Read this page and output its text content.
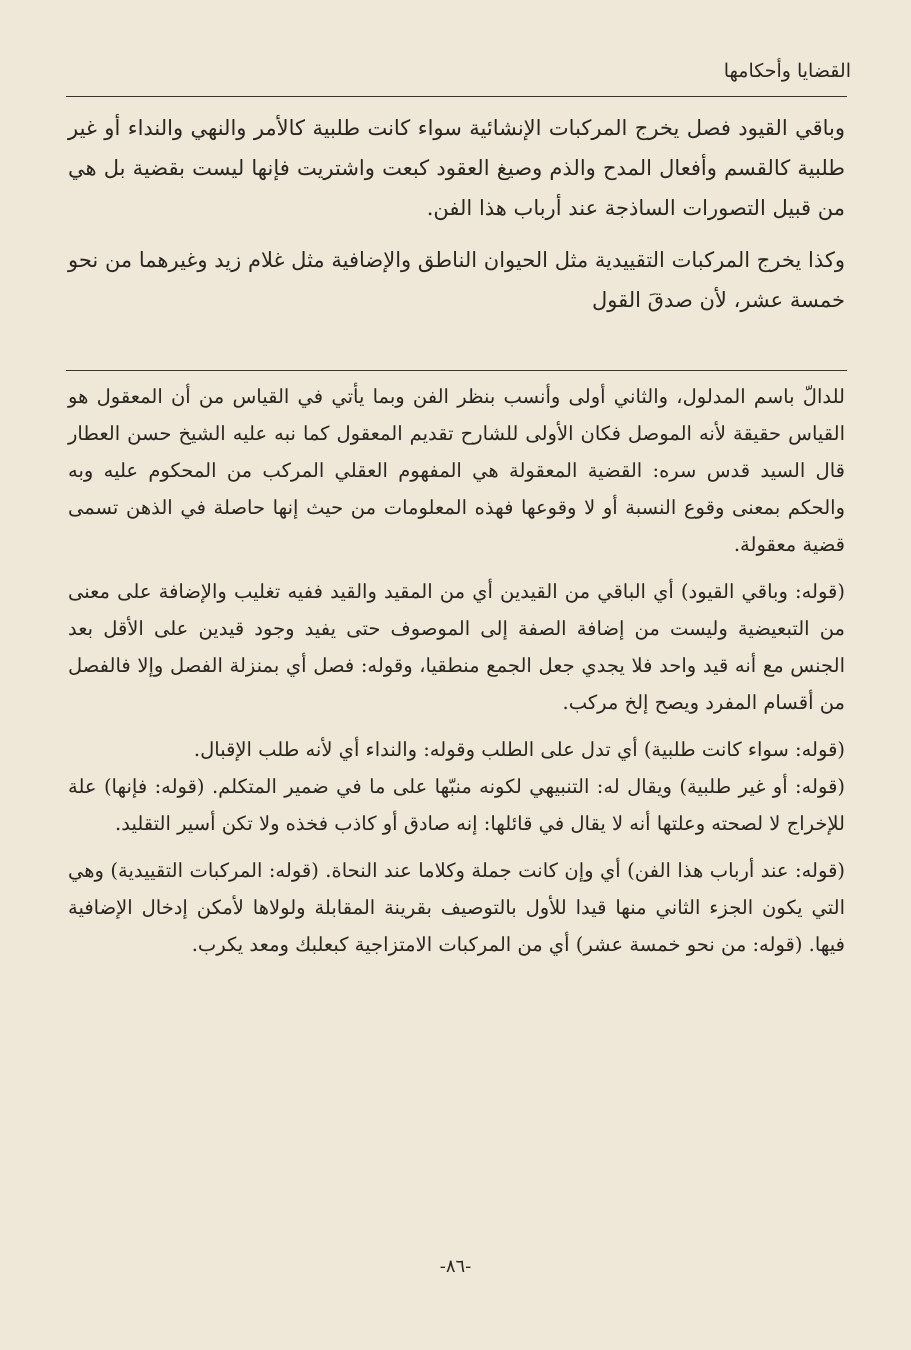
القضايا وأحكامها

وباقي القيود فصل يخرج المركبات الإنشائية سواء كانت طلبية كالأمر والنهي والنداء أو غير طلبية كالقسم وأفعال المدح والذم وصيغ العقود كبعت واشتريت فإنها ليست بقضية بل هي من قبيل التصورات الساذجة عند أرباب هذا الفن.

وكذا يخرج المركبات التقييدية مثل الحيوان الناطق والإضافية مثل غلام زيد وغيرهما من نحو خمسة عشر، لأن صدقَ القول

للدالّ باسم المدلول، والثاني أولى وأنسب بنظر الفن وبما يأتي في القياس من أن المعقول هو القياس حقيقة لأنه الموصل فكان الأولى للشارح تقديم المعقول كما نبه عليه الشيخ حسن العطار قال السيد قدس سره: القضية المعقولة هي المفهوم العقلي المركب من المحكوم عليه وبه والحكم بمعنى وقوع النسبة أو لا وقوعها فهذه المعلومات من حيث إنها حاصلة في الذهن تسمى قضية معقولة.

(قوله: وباقي القيود) أي الباقي من القيدين أي من المقيد والقيد ففيه تغليب والإضافة على معنى من التبعيضية وليست من إضافة الصفة إلى الموصوف حتى يفيد وجود قيدين على الأقل بعد الجنس مع أنه قيد واحد فلا يجدي جعل الجمع منطقيا، وقوله: فصل أي بمنزلة الفصل وإلا فالفصل من أقسام المفرد ويصح إلخ مركب.

(قوله: سواء كانت طلبية) أي تدل على الطلب وقوله: والنداء أي لأنه طلب الإقبال.

(قوله: أو غير طلبية) ويقال له: التنبيهي لكونه منبّها على ما في ضمير المتكلم. (قوله: فإنها) علة للإخراج لا لصحته وعلتها أنه لا يقال في قائلها: إنه صادق أو كاذب فخذه ولا تكن أسير التقليد.

(قوله: عند أرباب هذا الفن) أي وإن كانت جملة وكلاما عند النحاة. (قوله: المركبات التقييدية) وهي التي يكون الجزء الثاني منها قيدا للأول بالتوصيف بقرينة المقابلة ولولاها لأمكن إدخال الإضافية فيها. (قوله: من نحو خمسة عشر) أي من المركبات الامتزاجية كبعلبك ومعد يكرب.

-٨٦-
